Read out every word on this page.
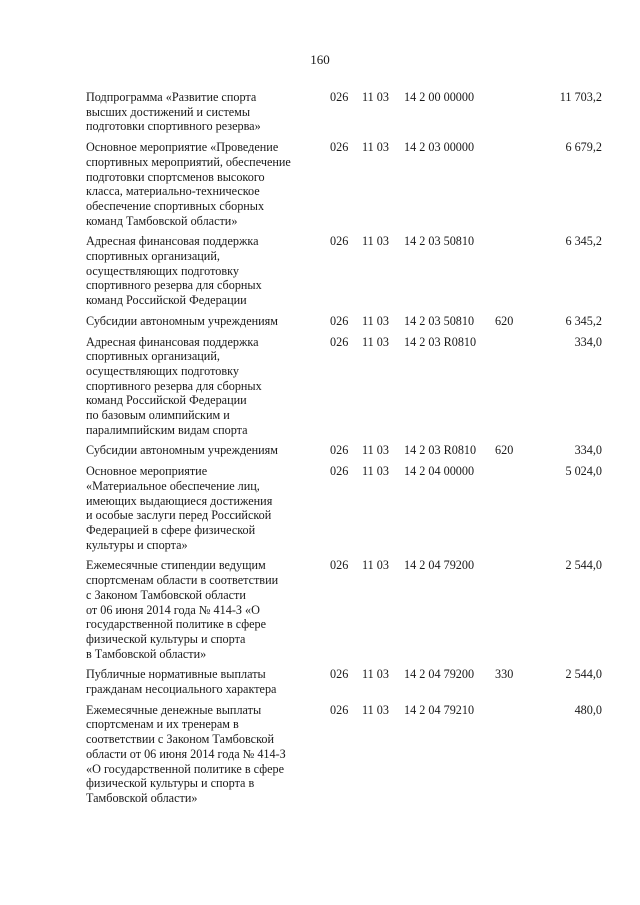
160
Подпрограмма «Развитие спорта
высших достижений и системы
подготовки спортивного резерва»
026 11 03 14 2 00 00000	11 703,2
Основное мероприятие «Проведение
спортивных мероприятий, обеспечение
подготовки спортсменов высокого
класса, материально-техническое
обеспечение спортивных сборных
команд Тамбовской области»
026 11 03 14 2 03 00000	6 679,2
Адресная финансовая поддержка
спортивных организаций,
осуществляющих подготовку
спортивного резерва для сборных
команд Российской Федерации
026 11 03 14 2 03 50810	6 345,2
Субсидии автономным учреждениям	026 11 03 14 2 03 50810 620	6 345,2
Адресная финансовая поддержка
спортивных организаций,
осуществляющих подготовку
спортивного резерва для сборных
команд Российской Федерации
по базовым олимпийским и
паралимпийским видам спорта
026 11 03 14 2 03 R0810	334,0
Субсидии автономным учреждениям	026 11 03 14 2 03 R0810 620	334,0
Основное мероприятие
«Материальное обеспечение лиц,
имеющих выдающиеся достижения
и особые заслуги перед Российской
Федерацией в сфере физической
культуры и спорта»
026 11 03 14 2 04 00000	5 024,0
Ежемесячные стипендии ведущим
спортсменам области в соответствии
с Законом Тамбовской области
от 06 июня 2014 года № 414-З «О
государственной политике в сфере
физической культуры и спорта
в Тамбовской области»
026 11 03 14 2 04 79200	2 544,0
Публичные нормативные выплаты
гражданам несоциального характера
026 11 03 14 2 04 79200 330	2 544,0
Ежемесячные денежные выплаты
спортсменам и их тренерам в
соответствии с Законом Тамбовской
области от 06 июня 2014 года № 414-З
«О государственной политике в сфере
физической культуры и спорта в
Тамбовской области»
026 11 03 14 2 04 79210	480,0
